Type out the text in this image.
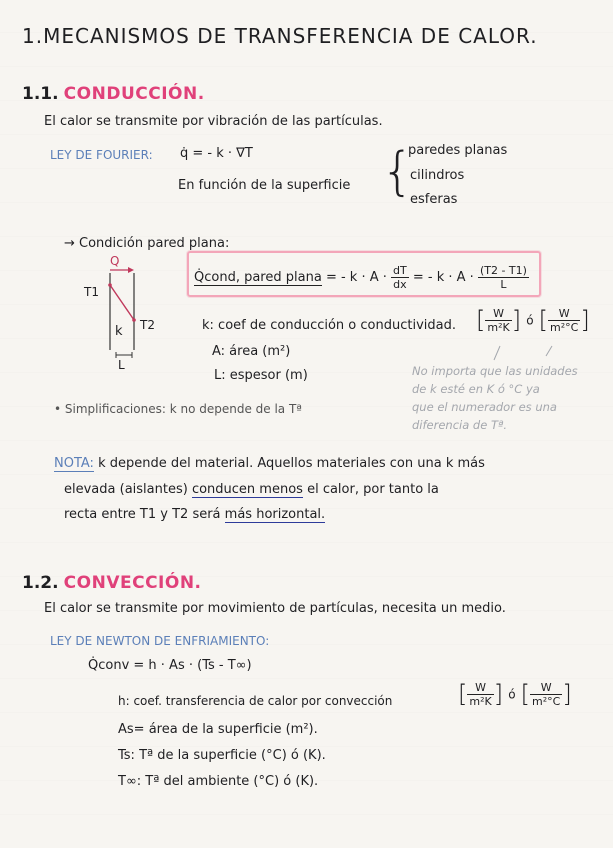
1.MECANISMOS DE TRANSFERENCIA DE CALOR.
1.1. CONDUCCIÓN.
El calor se transmite por vibración de las partículas.
LEY DE FOURIER: q̇ = - k · ∇T
En función de la superficie {
paredes planas
cilindros
esferas
→ Condición pared plana:
Q
T1
T2
k
L
Q̇cond, pared plana = - $k \cdot A \cdot \frac{dT}{dx}$ = - $k \cdot A \cdot \frac{(T2 - T1)}{L}$
k: coef de conducción o conductividad. [ $\frac{W}{\text{m²K}}$ ] ó [ $\frac{W}{\text{m²°C}}$ ]
A: área (m²)
L: espesor (m)	No importa que las unidades
de k esté en K ó °C ya
que el numerador es una
diferencia de Tª.
• Simplificaciones: k no depende de la Tª
NOTA: k depende del material. Aquellos materiales con una k más
elevada (aislantes) conducen menos el calor, por tanto la
recta entre T1 y T2 será más horizontal.
1.2. CONVECCIÓN.
El calor se transmite por movimiento de partículas, necesita un medio.
LEY DE NEWTON DE ENFRIAMIENTO:
Q̇conv = h · As · (Ts - T∞)
h: coef. transferencia de calor por convección	[ $\frac{W}{\text{m²K}}$ ] ó [ $\frac{W}{\text{m²°C}}$ ]
As= área de la superficie (m²).
Ts: Tª de la superficie (°C) ó (K).
T∞: Tª del ambiente (°C) ó (K).
